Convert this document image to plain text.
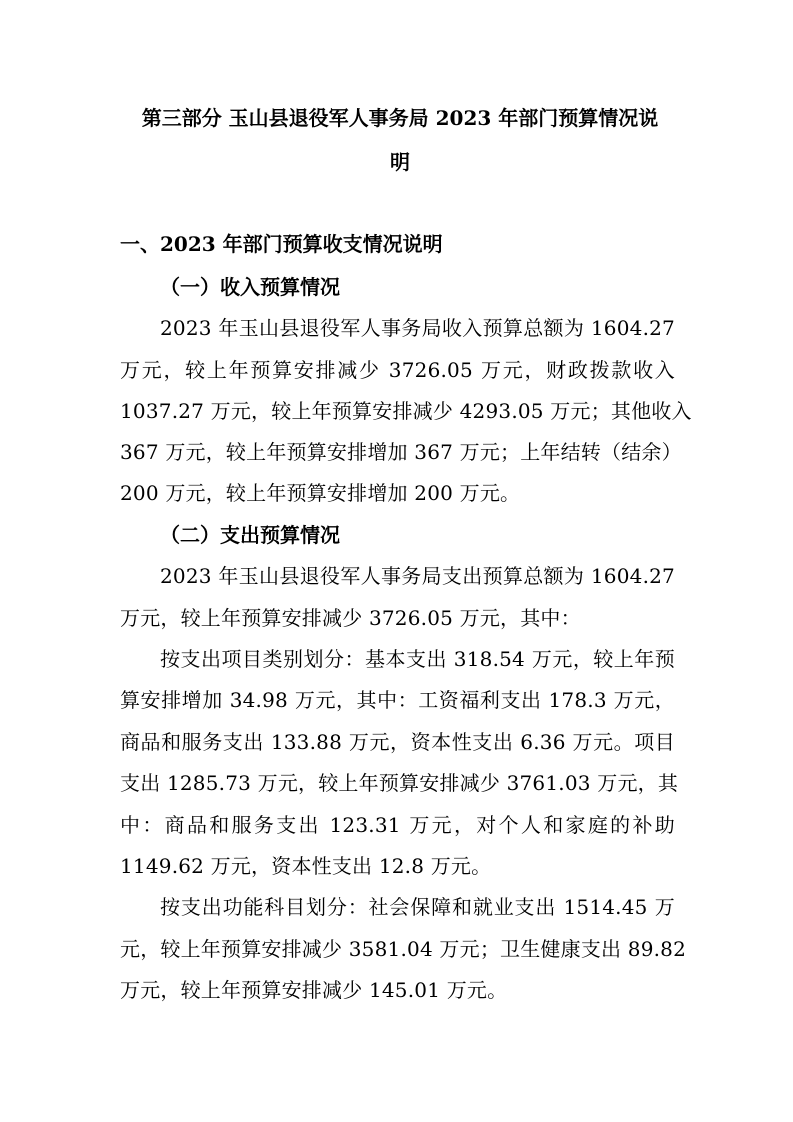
第三部分 玉山县退役军人事务局 2023 年部门预算情况说
明
一、2023 年部门预算收支情况说明
（一）收入预算情况
2023 年玉山县退役军人事务局收入预算总额为 1604.27
万元，较上年预算安排减少 3726.05 万元，财政拨款收入
1037.27 万元，较上年预算安排减少 4293.05 万元；其他收入
367 万元，较上年预算安排增加 367 万元；上年结转（结余）
200 万元，较上年预算安排增加 200 万元。
（二）支出预算情况
2023 年玉山县退役军人事务局支出预算总额为 1604.27
万元，较上年预算安排减少 3726.05 万元，其中：
按支出项目类别划分：基本支出 318.54 万元，较上年预
算安排增加 34.98 万元，其中：工资福利支出 178.3 万元，
商品和服务支出 133.88 万元，资本性支出 6.36 万元。项目
支出 1285.73 万元，较上年预算安排减少 3761.03 万元，其
中：商品和服务支出 123.31 万元，对个人和家庭的补助
1149.62 万元，资本性支出 12.8 万元。
按支出功能科目划分：社会保障和就业支出 1514.45 万
元，较上年预算安排减少 3581.04 万元；卫生健康支出 89.82
万元，较上年预算安排减少 145.01 万元。
